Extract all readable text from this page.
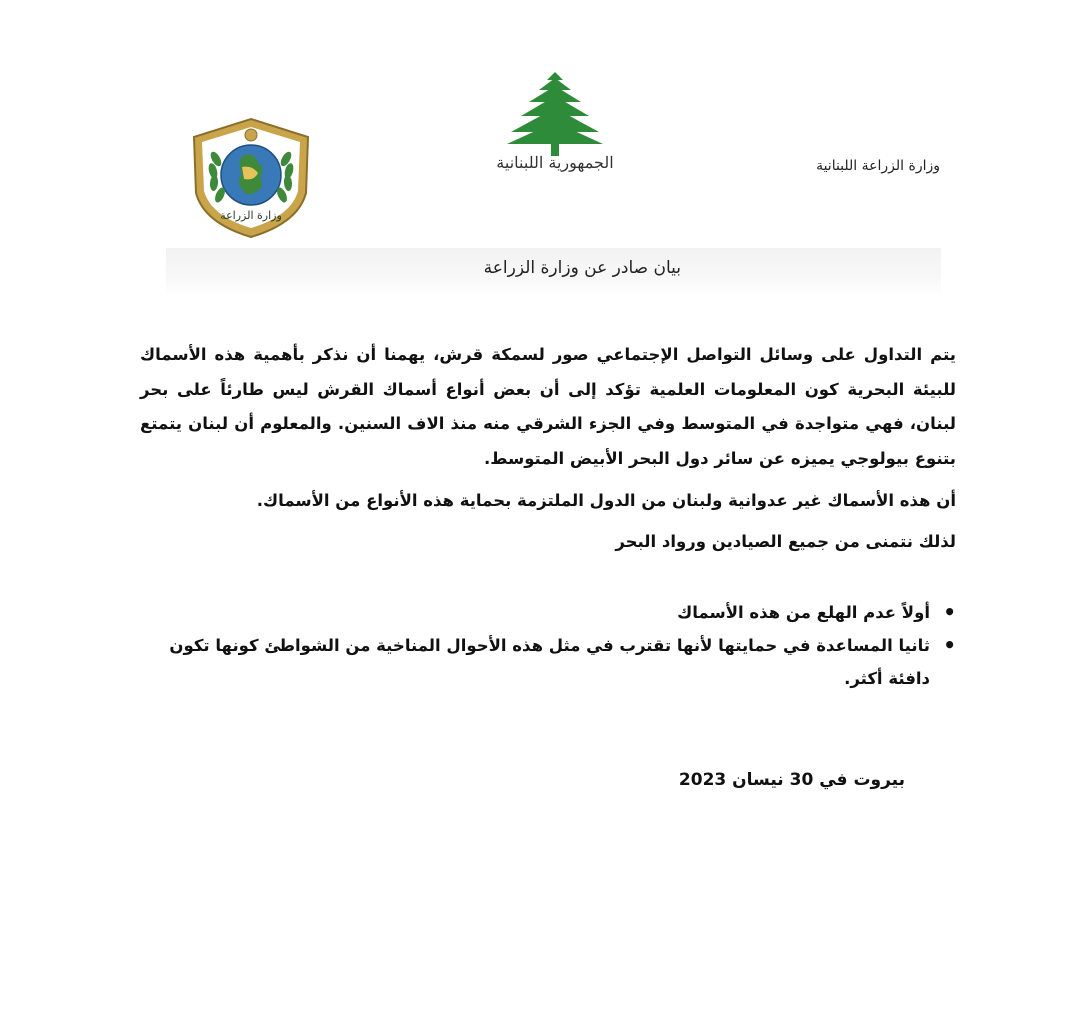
وزارة الزراعة
الجمهورية اللبنانية	وزارة الزراعة اللبنانية
بيان صادر عن وزارة الزراعة

يتم التداول على وسائل التواصل الإجتماعي صور لسمكة قرش، يهمنا أن نذكر بأهمية هذه الأسماك للبيئة البحرية كون المعلومات العلمية تؤكد إلى أن بعض أنواع أسماك القرش ليس طارئاً على بحر لبنان، فهي متواجدة في المتوسط وفي الجزء الشرقي منه منذ الاف السنين. والمعلوم أن لبنان يتمتع بتنوع بيولوجي يميزه عن سائر دول البحر الأبيض المتوسط.

أن هذه الأسماك غير عدوانية ولبنان من الدول الملتزمة بحماية هذه الأنواع من الأسماك.

لذلك نتمنى من جميع الصيادين ورواد البحر

• أولاً عدم الهلع من هذه الأسماك
• ثانيا المساعدة في حمايتها لأنها تقترب في مثل هذه الأحوال المناخية من الشواطئ كونها تكون دافئة أكثر.
بيروت في 30 نيسان 2023
